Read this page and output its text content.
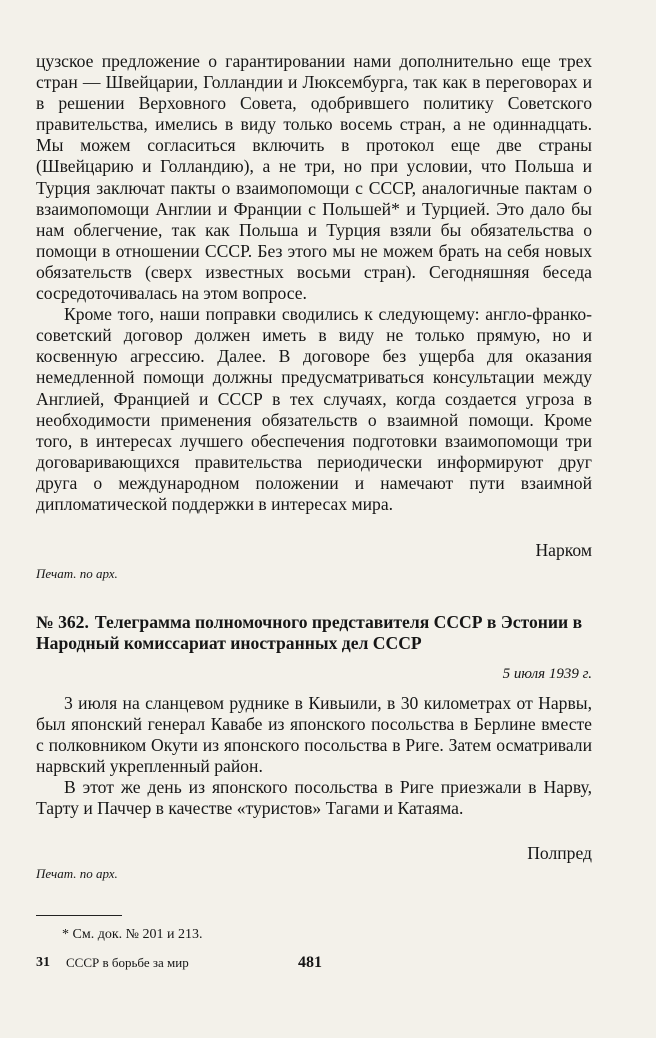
цузское предложение о гарантировании нами дополнительно еще трех стран — Швейцарии, Голландии и Люксембурга, так как в переговорах и в решении Верховного Совета, одобрившего политику Советского правительства, имелись в виду только восемь стран, а не одиннадцать. Мы можем согласиться включить в протокол еще две страны (Швейцарию и Голландию), а не три, но при условии, что Польша и Турция заключат пакты о взаимопомощи с СССР, аналогичные пактам о взаимопомощи Англии и Франции с Польшей* и Турцией. Это дало бы нам облегчение, так как Польша и Турция взяли бы обязательства о помощи в отношении СССР. Без этого мы не можем брать на себя новых обязательств (сверх известных восьми стран). Сегодняшняя беседа сосредоточивалась на этом вопросе.

Кроме того, наши поправки сводились к следующему: англо-франко-советский договор должен иметь в виду не только прямую, но и косвенную агрессию. Далее. В договоре без ущерба для оказания немедленной помощи должны предусматриваться консультации между Англией, Францией и СССР в тех случаях, когда создается угроза в необходимости применения обязательств о взаимной помощи. Кроме того, в интересах лучшего обеспечения подготовки взаимопомощи три договаривающихся правительства периодически информируют друг друга о международном положении и намечают пути взаимной дипломатической поддержки в интересах мира.

Нарком
Печат. по арх.
№ 362. Телеграмма полномочного представителя СССР в Эстонии в Народный комиссариат иностранных дел СССР
5 июля 1939 г.

3 июля на сланцевом руднике в Кивыили, в 30 километрах от Нарвы, был японский генерал Кавабе из японского посольства в Берлине вместе с полковником Окути из японского посольства в Риге. Затем осматривали нарвский укрепленный район.

В этот же день из японского посольства в Риге приезжали в Нарву, Тарту и Паччер в качестве «туристов» Тагами и Катаяма.

Полпред
Печат. по арх.
* См. док. № 201 и 213.
31 СССР в борьбе за мир	481
